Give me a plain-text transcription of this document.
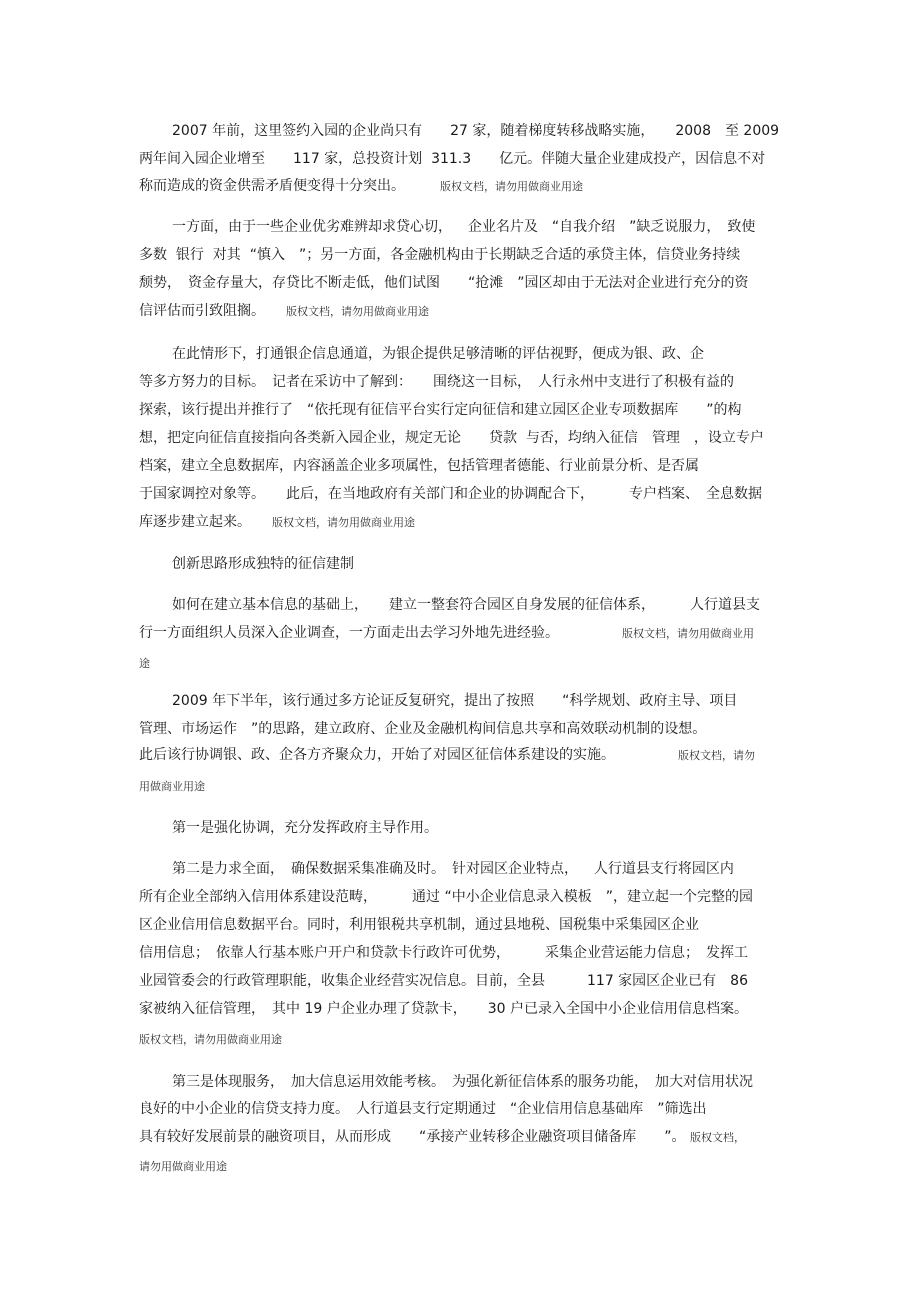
2007 年前，这里签约入园的企业尚只有　　27 家，随着梯度转移战略实施，　　2008　至 2009
两年间入园企业增至　　117 家，总投资计划  311.3　　亿元。伴随大量企业建成投产，因信息不对
称而造成的资金供需矛盾便变得十分突出。　　　版权文档，请勿用做商业用途
一方面，由于一些企业优劣难辨却求贷心切，　  企业名片及　“自我介绍　”缺乏说服力，　致使
多数  银行  对其  “慎入　”；另一方面，各金融机构由于长期缺乏合适的承贷主体，信贷业务持续
颓势，　资金存量大，存贷比不断走低，他们试图　　“抢滩　”园区却由于无法对企业进行充分的资
信评估而引致阻搁。　　版权文档，请勿用做商业用途
在此情形下，打通银企信息通道，为银企提供足够清晰的评估视野，便成为银、政、企
等多方努力的目标。　记者在采访中了解到：　　围绕这一目标，　人行永州中支进行了积极有益的
探索，该行提出并推行了　“依托现有征信平台实行定向征信和建立园区企业专项数据库　　”的构
想，把定向征信直接指向各类新入园企业，规定无论　　贷款  与否，均纳入征信　管理　，设立专户
档案，建立全息数据库，内容涵盖企业多项属性，包括管理者德能、行业前景分析、是否属
于国家调控对象等。　　此后，在当地政府有关部门和企业的协调配合下，　　　专户档案、　全息数据
库逐步建立起来。　　版权文档，请勿用做商业用途
创新思路形成独特的征信建制
如何在建立基本信息的基础上，　　建立一整套符合园区自身发展的征信体系，　　　人行道县支
行一方面组织人员深入企业调查，一方面走出去学习外地先进经验。　　　　　版权文档，请勿用做商业用
途
2009 年下半年，该行通过多方论证反复研究，提出了按照　　“科学规划、政府主导、项目
管理、市场运作　”的思路，建立政府、企业及金融机构间信息共享和高效联动机制的设想。
此后该行协调银、政、企各方齐聚众力，开始了对园区征信体系建设的实施。　　　　　版权文档，请勿
用做商业用途
第一是强化协调，充分发挥政府主导作用。
第二是力求全面，　确保数据采集准确及时。　针对园区企业特点，　  人行道县支行将园区内
所有企业全部纳入信用体系建设范畴，　　　通过 “中小企业信息录入模板　”，建立起一个完整的园
区企业信用信息数据平台。同时，利用银税共享机制，通过县地税、国税集中采集园区企业
信用信息；　依靠人行基本账户开户和贷款卡行政许可优势，　　　采集企业营运能力信息；　发挥工
业园管委会的行政管理职能，收集企业经营实况信息。目前，全县　　　117 家园区企业已有　86
家被纳入征信管理，　其中 19 户企业办理了贷款卡，　　30 户已录入全国中小企业信用信息档案。
版权文档，请勿用做商业用途
第三是体现服务，　加大信息运用效能考核。　为强化新征信体系的服务功能，　加大对信用状况
良好的中小企业的信贷支持力度。　人行道县支行定期通过　“企业信用信息基础库　”筛选出
具有较好发展前景的融资项目，从而形成　　“承接产业转移企业融资项目储备库　　”。 版权文档，
请勿用做商业用途
